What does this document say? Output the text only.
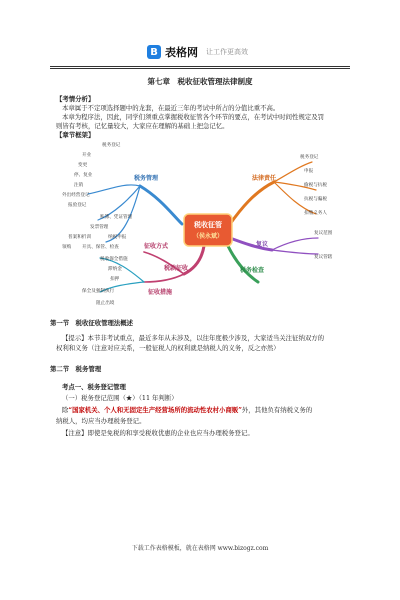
B 表格网 让工作更高效
第七章　税收征收管理法律制度
【考情分析】
本章属于不定项选择题中的龙套，在最近三年的考试中所占的分值比重不高。
本章为程序法，因此，同学们须重点掌握税收征管各个环节的要点，在考试中时间性规定及罚
则皆有考核，记忆量较大，大家应在理解的基础上把急记忆。
【章节框架】
税收征管
（侯永斌）
税务管理	法律责任
税款征收	税务检查
复议
征收方式
征收措施
税务登记
开业
变更
停、复业
注销
外出经营登记
报验登记
账簿、凭证管理
纳税申报
发票管理
领购 开具、保管、检查
普案和折训
税务登记
申报
偷税与抗税
抗税与骗税
扣缴义务人
复议范围
复议管辖
税收保全措施
滞纳金
扣押
保全及强制执行
阻止出境
第一节　税收征收管理法概述
【提示】本节非考试重点，最近多年从未涉及，以往年度极少涉及，大家适当关注征纳双方的
权利和义务（注意对应关系，一般征税人的权利就是纳税人的义务，反之亦然）
第二节　税务管理
考点一、税务登记管理
（一）税务登记范围（★）（11 年判断）
除“国家机关、个人和无固定生产经营场所的流动性农村小商贩”外，其他负有纳税义务的
纳税人，均应当办理税务登记。
【注意】即使是免税的和享受税收优惠的企业也应当办理税务登记。
下载工作表格模板，就在表格网 www.bizogz.com
